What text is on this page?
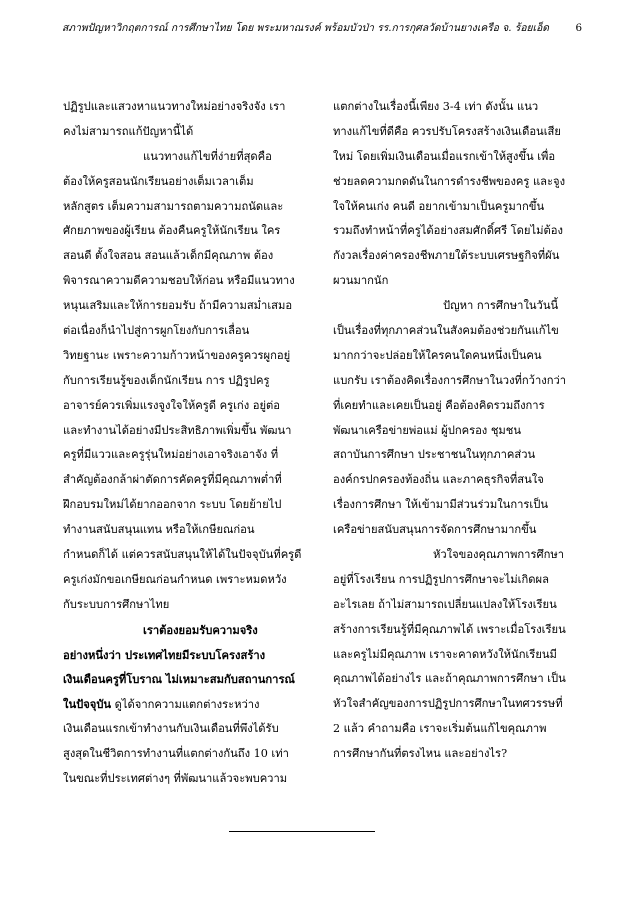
สภาพปัญหาวิกฤตการณ์ การศึกษาไทย โดย พระมหาณรงค์ พร้อมบัวป่า รร.การกุศลวัดบ้านยางเครือ จ. ร้อยเอ็ด	6
ปฏิรูปและแสวงหาแนวทางใหม่อย่างจริงจัง เรา
คงไม่สามารถแก้ปัญหานี้ได้
แนวทางแก้ไขที่ง่ายที่สุดคือ
ต้องให้ครูสอนนักเรียนอย่างเต็มเวลาเต็ม
หลักสูตร เต็มความสามารถตามความถนัดและ
ศักยภาพของผู้เรียน ต้องคืนครูให้นักเรียน ใคร
สอนดี ตั้งใจสอน สอนแล้วเด็กมีคุณภาพ ต้อง
พิจารณาความดีความชอบให้ก่อน หรือมีแนวทาง
หนุนเสริมและให้การยอมรับ ถ้ามีความสม่ำเสมอ
ต่อเนื่องก็นำไปสู่การผูกโยงกับการเลื่อน
วิทยฐานะ เพราะความก้าวหน้าของครูควรผูกอยู่
กับการเรียนรู้ของเด็กนักเรียน การ ปฏิรูปครู
อาจารย์ควรเพิ่มแรงจูงใจให้ครูดี ครูเก่ง อยู่ต่อ
และทำงานได้อย่างมีประสิทธิภาพเพิ่มขึ้น พัฒนา
ครูที่มีแววและครูรุ่นใหม่อย่างเอาจริงเอาจัง ที่
สำคัญต้องกล้าผ่าตัดการคัดครูที่มีคุณภาพต่ำที่
ฝึกอบรมใหม่ได้ยากออกจาก ระบบ โดยย้ายไป
ทำงานสนับสนุนแทน หรือให้เกษียณก่อน
กำหนดก็ได้ แต่ควรสนับสนุนให้ได้ในปัจจุบันที่ครูดี
ครูเก่งมักขอเกษียณก่อนกำหนด เพราะหมดหวัง
กับระบบการศึกษาไทย
เราต้องยอมรับความจริง
อย่างหนึ่งว่า ประเทศไทยมีระบบโครงสร้าง
เงินเดือนครูที่โบราณ ไม่เหมาะสมกับสถานการณ์
ในปัจจุบัน ดูได้จากความแตกต่างระหว่าง
เงินเดือนแรกเข้าทำงานกับเงินเดือนที่พึงได้รับ
สูงสุดในชีวิตการทำงานที่แตกต่างกันถึง 10 เท่า
ในขณะที่ประเทศต่างๆ ที่พัฒนาแล้วจะพบความ
แตกต่างในเรื่องนี้เพียง 3-4 เท่า ดังนั้น แนว
ทางแก้ไขที่ดีคือ ควรปรับโครงสร้างเงินเดือนเสีย
ใหม่ โดยเพิ่มเงินเดือนเมื่อแรกเข้าให้สูงขึ้น เพื่อ
ช่วยลดความกดดันในการดำรงชีพของครู และจูง
ใจให้คนเก่ง คนดี อยากเข้ามาเป็นครูมากขึ้น
รวมถึงทำหน้าที่ครูได้อย่างสมศักดิ์ศรี โดยไม่ต้อง
กังวลเรื่องค่าครองชีพภายใต้ระบบเศรษฐกิจที่ผัน
ผวนมากนัก
ปัญหา การศึกษาในวันนี้
เป็นเรื่องที่ทุกภาคส่วนในสังคมต้องช่วยกันแก้ไข
มากกว่าจะปล่อยให้ใครคนใดคนหนึ่งเป็นคน
แบกรับ เราต้องคิดเรื่องการศึกษาในวงที่กว้างกว่า
ที่เคยทำและเคยเป็นอยู่ คือต้องคิดรวมถึงการ
พัฒนาเครือข่ายพ่อแม่ ผู้ปกครอง ชุมชน
สถาบันการศึกษา ประชาชนในทุกภาคส่วน
องค์กรปกครองท้องถิ่น และภาคธุรกิจที่สนใจ
เรื่องการศึกษา ให้เข้ามามีส่วนร่วมในการเป็น
เครือข่ายสนับสนุนการจัดการศึกษามากขึ้น
หัวใจของคุณภาพการศึกษา
อยู่ที่โรงเรียน การปฏิรูปการศึกษาจะไม่เกิดผล
อะไรเลย ถ้าไม่สามารถเปลี่ยนแปลงให้โรงเรียน
สร้างการเรียนรู้ที่มีคุณภาพได้ เพราะเมื่อโรงเรียน
และครูไม่มีคุณภาพ เราจะคาดหวังให้นักเรียนมี
คุณภาพได้อย่างไร และถ้าคุณภาพการศึกษา เป็น
หัวใจสำคัญของการปฏิรูปการศึกษาในทศวรรษที่
2 แล้ว คำถามคือ เราจะเริ่มต้นแก้ไขคุณภาพ
การศึกษากันที่ตรงไหน และอย่างไร?
